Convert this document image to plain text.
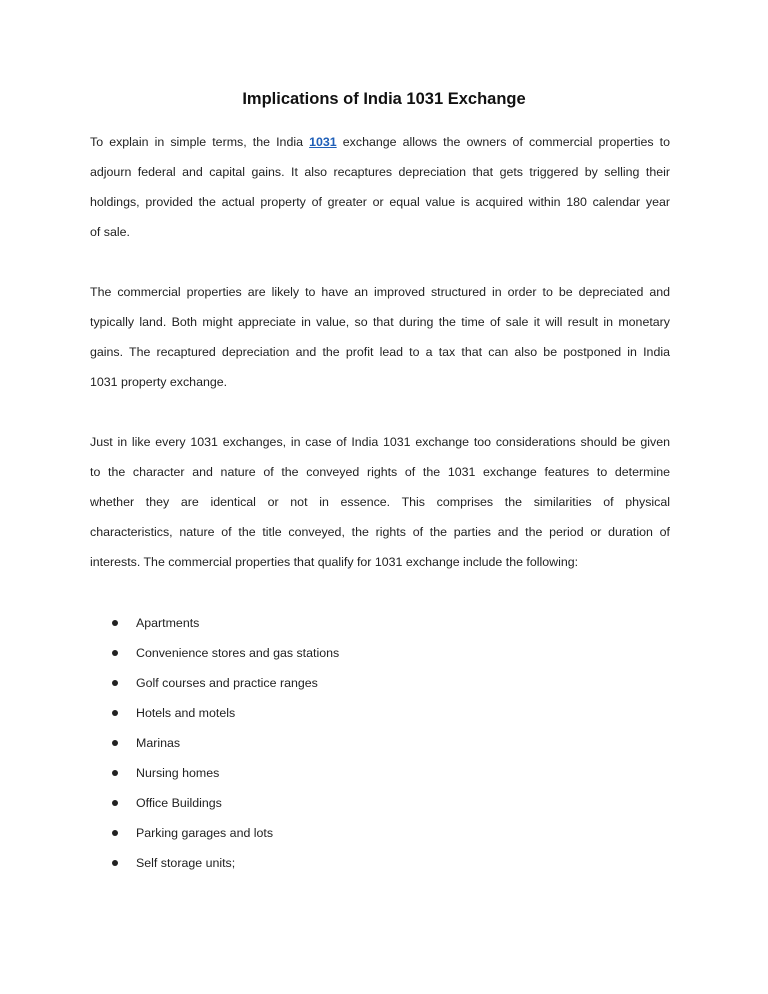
Implications of India 1031 Exchange

To explain in simple terms, the India 1031 exchange allows the owners of commercial properties to
adjourn federal and capital gains. It also recaptures depreciation that gets triggered by selling their
holdings, provided the actual property of greater or equal value is acquired within 180 calendar year
of sale.

The commercial properties are likely to have an improved structured in order to be depreciated and
typically land. Both might appreciate in value, so that during the time of sale it will result in monetary
gains. The recaptured depreciation and the profit lead to a tax that can also be postponed in India
1031 property exchange.

Just in like every 1031 exchanges, in case of India 1031 exchange too considerations should be given
to the character and nature of the conveyed rights of the 1031 exchange features to determine
whether they are identical or not in essence. This comprises the similarities of physical
characteristics, nature of the title conveyed, the rights of the parties and the period or duration of
interests. The commercial properties that qualify for 1031 exchange include the following:

Apartments
Convenience stores and gas stations
Golf courses and practice ranges
Hotels and motels
Marinas
Nursing homes
Office Buildings
Parking garages and lots
Self storage units;
